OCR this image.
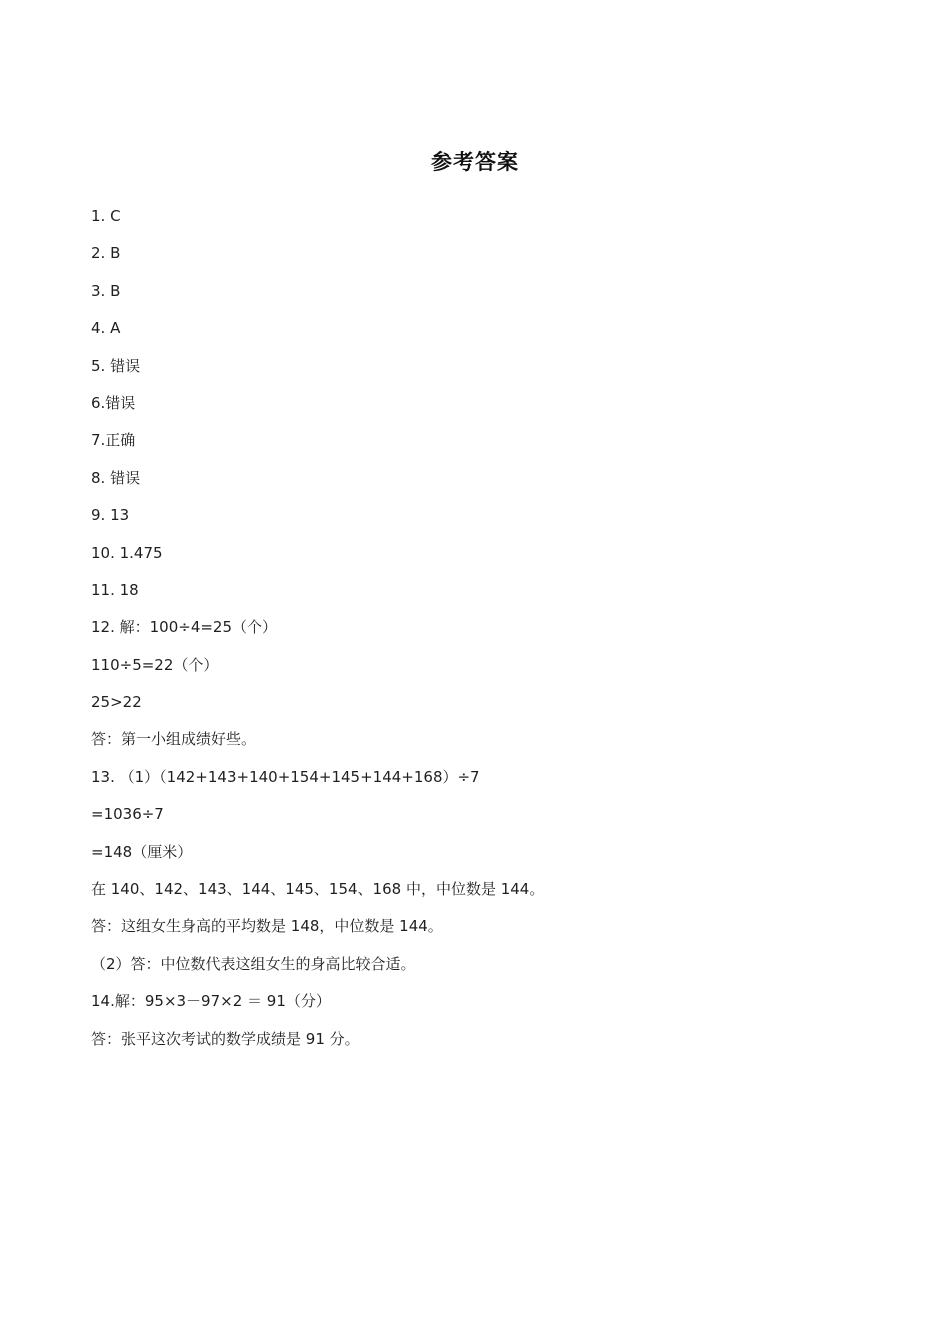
参考答案
1. C
2. B
3. B
4. A
5. 错误
6.错误
7.正确
8. 错误
9. 13
10. 1.475
11. 18
12. 解：100÷4=25（个）
110÷5=22（个）
25>22
答：第一小组成绩好些。
13. （1）（142+143+140+154+145+144+168）÷7
=1036÷7
=148（厘米）
在 140、142、143、144、145、154、168 中，中位数是 144。
答：这组女生身高的平均数是 148，中位数是 144。
（2）答：中位数代表这组女生的身高比较合适。
14.解：95×3－97×2 ＝ 91（分）
答：张平这次考试的数学成绩是 91 分。
